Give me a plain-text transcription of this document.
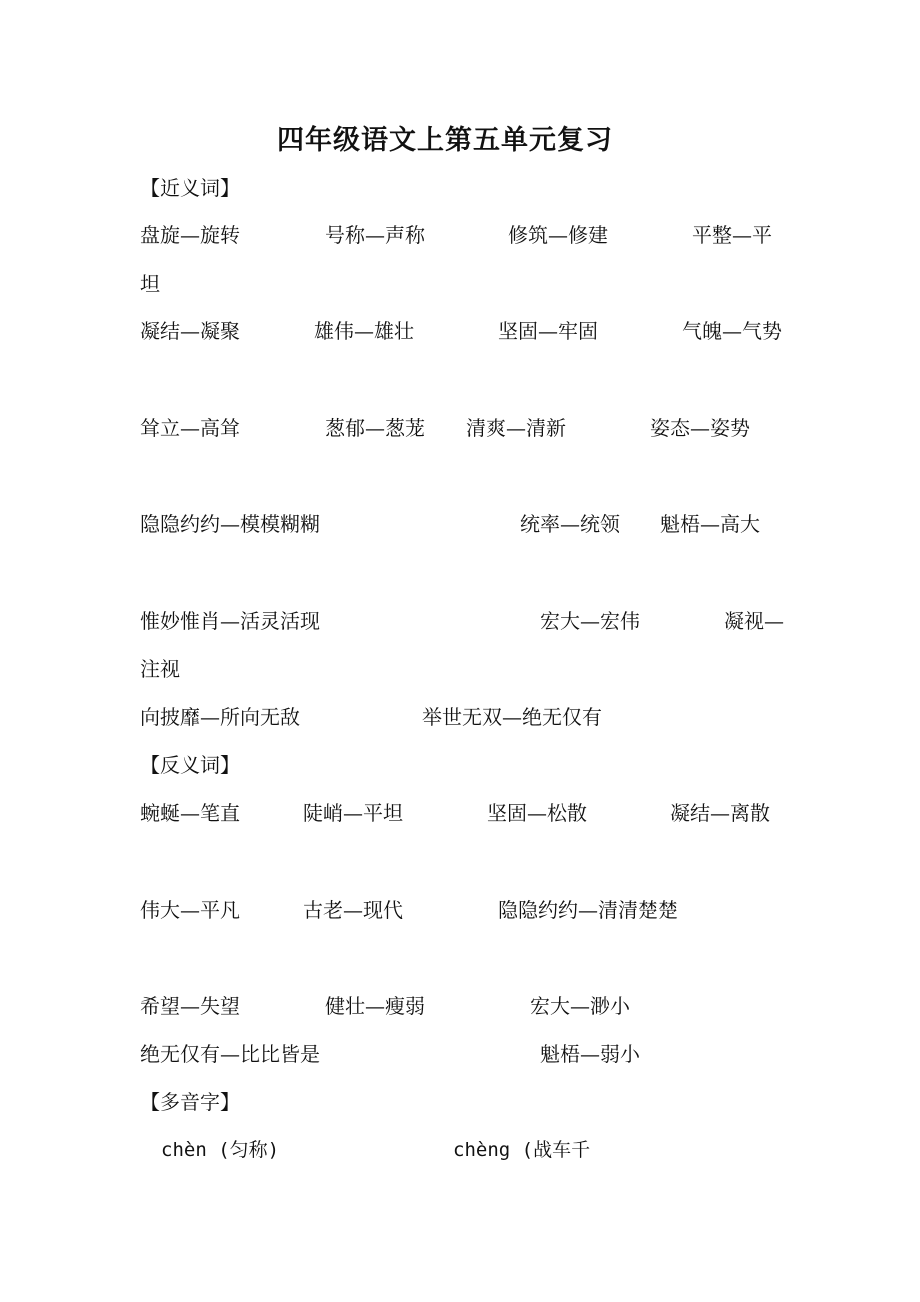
四年级语文上第五单元复习
【近义词】
盘旋—旋转	号称—声称	修筑—修建	平整—平
坦
凝结—凝聚	雄伟—雄壮	坚固—牢固	气魄—气势
耸立—高耸	葱郁—葱茏 清爽—清新	姿态—姿势
隐隐约约—模模糊糊	统率—统领 魁梧—高大
惟妙惟肖—活灵活现	宏大—宏伟	凝视—
注视
向披靡—所向无敌	举世无双—绝无仅有
【反义词】
蜿蜒—笔直	陡峭—平坦	坚固—松散	凝结—离散
伟大—平凡	古老—现代	隐隐约约—清清楚楚
希望—失望	健壮—瘦弱	宏大—渺小
绝无仅有—比比皆是	魁梧—弱小
【多音字】
chèn (匀称)	chèng (战车千
